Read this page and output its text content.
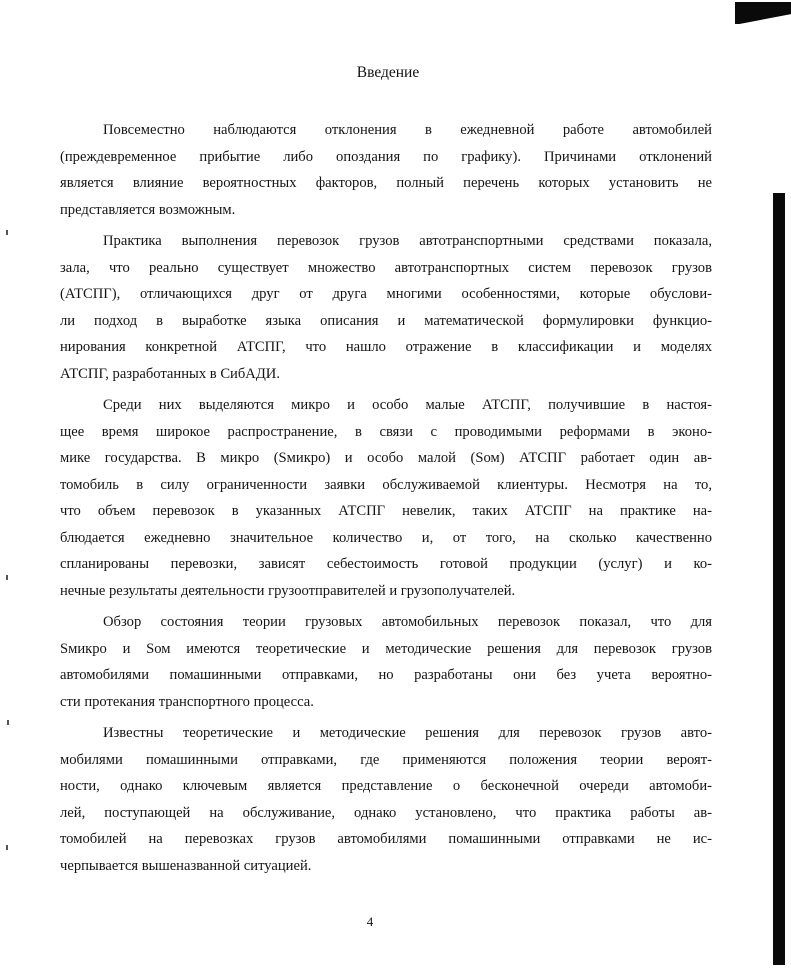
Введение
Повсеместно наблюдаются отклонения в ежедневной работе автомобилей
(преждевременное прибытие либо опоздания по графику). Причинами отклонений
является влияние вероятностных факторов, полный перечень которых установить не
представляется возможным.
Практика выполнения перевозок грузов автотранспортными средствами показала,
зала, что реально существует множество автотранспортных систем перевозок грузов
(АТСПГ), отличающихся друг от друга многими особенностями, которые обуслови-
ли подход в выработке языка описания и математической формулировки функцио-
нирования конкретной АТСПГ, что нашло отражение в классификации и моделях
АТСПГ, разработанных в СибАДИ.
Среди них выделяются микро и особо малые АТСПГ, получившие в настоя-
щее время широкое распространение, в связи с проводимыми реформами в эконо-
мике государства. В микро (Sмикро) и особо малой (Sом) АТСПГ работает один ав-
томобиль в силу ограниченности заявки обслуживаемой клиентуры. Несмотря на то,
что объем перевозок в указанных АТСПГ невелик, таких АТСПГ на практике на-
блюдается ежедневно значительное количество и, от того, на сколько качественно
спланированы перевозки, зависят себестоимость готовой продукции (услуг) и ко-
нечные результаты деятельности грузоотправителей и грузополучателей.
Обзор состояния теории грузовых автомобильных перевозок показал, что для
Sмикро и Sом имеются теоретические и методические решения для перевозок грузов
автомобилями помашинными отправками, но разработаны они без учета вероятно-
сти протекания транспортного процесса.
Известны теоретические и методические решения для перевозок грузов авто-
мобилями помашинными отправками, где применяются положения теории вероят-
ности, однако ключевым является представление о бесконечной очереди автомоби-
лей, поступающей на обслуживание, однако установлено, что практика работы ав-
томобилей на перевозках грузов автомобилями помашинными отправками не ис-
черпывается вышеназванной ситуацией.
4
